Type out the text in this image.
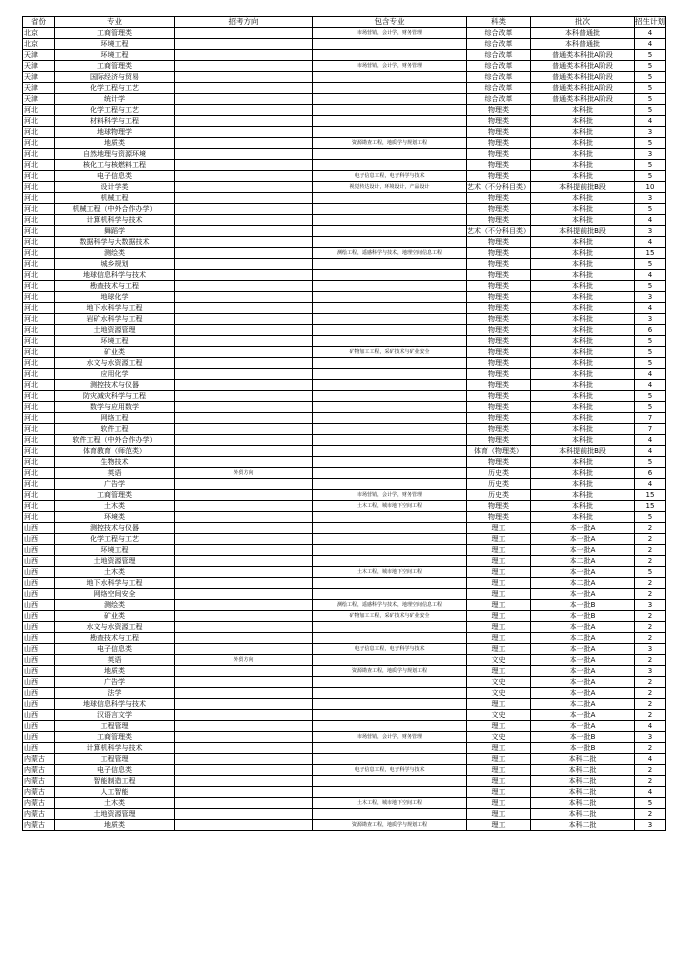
省份	专业	招考方向	包含专业	科类	批次	招生计划
北京	工商管理类		市场营销，会计学，财务管理	综合改革	本科普通批	4
北京	环境工程			综合改革	本科普通批	4
天津	环境工程			综合改革	普通类本科批A阶段	5
天津	工商管理类		市场营销，会计学，财务管理	综合改革	普通类本科批A阶段	5
天津	国际经济与贸易			综合改革	普通类本科批A阶段	5
天津	化学工程与工艺			综合改革	普通类本科批A阶段	5
天津	统计学			综合改革	普通类本科批A阶段	5
河北	化学工程与工艺			物理类	本科批	5
河北	材料科学与工程			物理类	本科批	4
河北	地球物理学			物理类	本科批	3
河北	地质类		资源勘查工程，地质学与规划工程	物理类	本科批	5
河北	自然地理与资源环境			物理类	本科批	3
河北	核化工与核燃料工程			物理类	本科批	5
河北	电子信息类		电子信息工程，电子科学与技术	物理类	本科批	5
河北	设计学类		视觉传达设计，环境设计，产品设计	艺术（不分科目类）	本科提前批B段	10
河北	机械工程			物理类	本科批	3
河北	机械工程（中外合作办学）			物理类	本科批	5
河北	计算机科学与技术			物理类	本科批	4
河北	舞蹈学			艺术（不分科目类）	本科提前批B段	3
河北	数据科学与大数据技术			物理类	本科批	4
河北	测绘类		测绘工程，遥感科学与技术，地理空间信息工程	物理类	本科批	15
河北	城乡规划			物理类	本科批	5
河北	地球信息科学与技术			物理类	本科批	4
河北	勘查技术与工程			物理类	本科批	5
河北	地球化学			物理类	本科批	3
河北	地下水科学与工程			物理类	本科批	4
河北	岩矿水科学与工程			物理类	本科批	3
河北	土地资源管理			物理类	本科批	6
河北	环境工程			物理类	本科批	5
河北	矿业类		矿物加工工程，采矿技术与矿业安全	物理类	本科批	5
河北	水文与水资源工程			物理类	本科批	5
河北	应用化学			物理类	本科批	4
河北	测控技术与仪器			物理类	本科批	4
河北	防灾减灾科学与工程			物理类	本科批	5
河北	数学与应用数学			物理类	本科批	5
河北	网络工程			物理类	本科批	7
河北	软件工程			物理类	本科批	7
河北	软件工程（中外合作办学）			物理类	本科批	4
河北	体育教育（师范类）			体育（物理类）	本科提前批B段	4
河北	生物技术			物理类	本科批	5
河北	英语	外贸方向		历史类	本科批	6
河北	广告学			历史类	本科批	4
河北	工商管理类		市场营销，会计学，财务管理	历史类	本科批	15
河北	土木类		土木工程，城市地下空间工程	物理类	本科批	15
河北	环境类			物理类	本科批	5
山西	测控技术与仪器			理工	本一批A	2
山西	化学工程与工艺			理工	本一批A	2
山西	环境工程			理工	本一批A	2
山西	土地资源管理			理工	本二批A	2
山西	土木类		土木工程，城市地下空间工程	理工	本一批A	5
山西	地下水科学与工程			理工	本二批A	2
山西	网络空间安全			理工	本一批A	2
山西	测绘类		测绘工程，遥感科学与技术，地理空间信息工程	理工	本一批B	3
山西	矿业类		矿物加工工程，采矿技术与矿业安全	理工	本一批B	2
山西	水文与水资源工程			理工	本一批A	2
山西	勘查技术与工程			理工	本二批A	2
山西	电子信息类		电子信息工程，电子科学与技术	理工	本一批A	3
山西	英语	外贸方向		文史	本一批A	2
山西	地质类		资源勘查工程，地质学与规划工程	理工	本一批A	3
山西	广告学			文史	本一批A	2
山西	法学			文史	本一批A	2
山西	地球信息科学与技术			理工	本二批A	2
山西	汉语言文学			文史	本一批A	2
山西	工程管理			理工	本一批A	4
山西	工商管理类		市场营销，会计学，财务管理	文史	本一批B	3
山西	计算机科学与技术			理工	本一批B	2
内蒙古	工程管理			理工	本科二批	4
内蒙古	电子信息类		电子信息工程，电子科学与技术	理工	本科二批	2
内蒙古	智能制造工程			理工	本科二批	2
内蒙古	人工智能			理工	本科二批	4
内蒙古	土木类		土木工程，城市地下空间工程	理工	本科二批	5
内蒙古	土地资源管理			理工	本科二批	2
内蒙古	地质类		资源勘查工程，地质学与规划工程	理工	本科二批	3
